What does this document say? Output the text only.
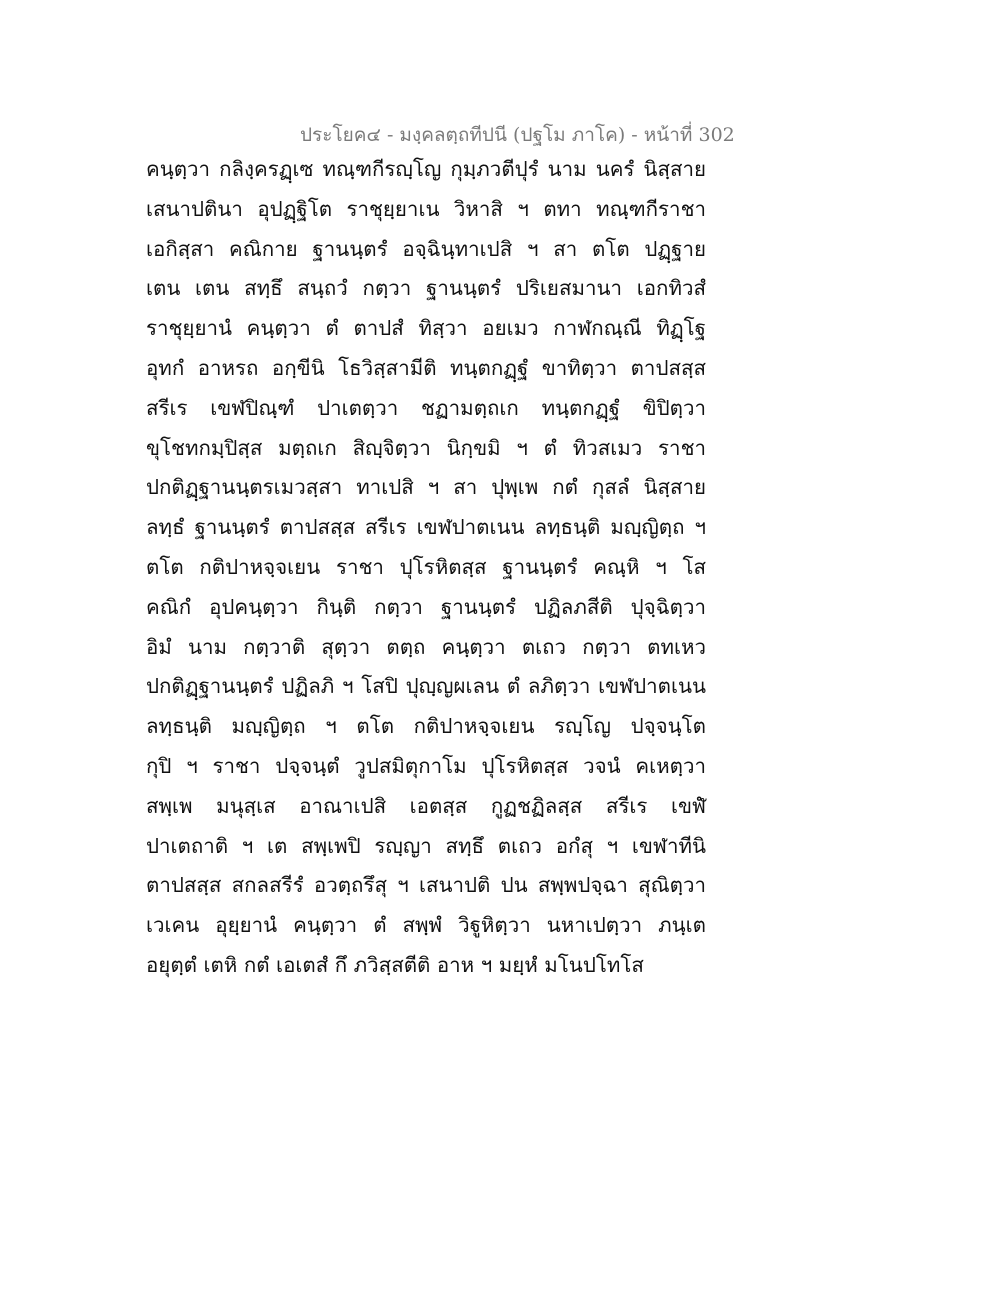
ประโยค๔ - มงฺคลตฺถทีปนี (ปฐโม ภาโค) - หน้าที่ 302
คนฺตฺวา กลิงฺครฏฺเซ ทณฺฑกีรญฺโญ กุมฺภวตีปุรํ นาม นครํ นิสฺสาย
เสนาปตินา อุปฏฺฐิโต ราชุยฺยาเน วิหาสิ ฯ ตทา ทณฺฑกีราชา
เอกิสฺสา คณิกาย ฐานนฺตรํ อจฺฉินฺทาเปสิ ฯ สา ตโต ปฏฺฐาย
เตน เตน สทฺธึ สนฺถวํ กตฺวา ฐานนฺตรํ ปริเยสมานา เอกทิวสํ
ราชุยฺยานํ คนฺตฺวา ตํ ตาปสํ ทิสฺวา อยเมว กาฬกณฺณี ทิฏฺโฐ
อุทกํ อาหรถ อกฺขีนิ โธวิสฺสามีติ ทนฺตกฏฺฐํ ขาทิตฺวา ตาปสสฺส
สรีเร เขฬปิณฺฑํ ปาเตตฺวา ชฏามตฺถเก ทนฺตกฏฺฐํ ขิปิตฺวา
ขุโชทกมฺปิสฺส มตฺถเก สิญฺจิตฺวา นิกฺขมิ ฯ ตํ ทิวสเมว ราชา
ปกติฏฺฐานนฺตรเมวสฺสา ทาเปสิ ฯ สา ปุพฺเพ กตํ กุสลํ นิสฺสาย
ลทฺธํ ฐานนฺตรํ ตาปสสฺส สรีเร เขฬปาตเนน ลทฺธนฺติ มญฺญิตฺถ ฯ
ตโต กติปาหจฺจเยน ราชา ปุโรหิตสฺส ฐานนฺตรํ คณฺหิ ฯ โส
คณิกํ อุปคนฺตฺวา กินฺติ กตฺวา ฐานนฺตรํ ปฏิลภสีติ ปุจฺฉิตฺวา
อิมํ นาม กตฺวาติ สุตฺวา ตตฺถ คนฺตฺวา ตเถว กตฺวา ตทเหว
ปกติฏฺฐานนฺตรํ ปฏิลภิ ฯ โสปิ ปุญฺญผเลน ตํ ลภิตฺวา เขฬปาตเนน
ลทฺธนฺติ มญฺญิตฺถ ฯ ตโต กติปาหจฺจเยน รญฺโญ ปจฺจนฺโต
กุปิ ฯ ราชา ปจฺจนฺตํ วูปสมิตุกาโม ปุโรหิตสฺส วจนํ คเหตฺวา
สพฺเพ มนุสฺเส อาณาเปสิ เอตสฺส กูฏชฏิลสฺส สรีเร เขฬํ
ปาเตถาติ ฯ เต สพฺเพปิ รญฺญา สทฺธึ ตเถว อกํสุ ฯ เขฬาทีนิ
ตาปสสฺส สกลสรีรํ อวตฺถรึสุ ฯ เสนาปติ ปน สพฺพปจฺฉา สุณิตฺวา
เวเคน อุยฺยานํ คนฺตฺวา ตํ สพฺพํ วิฐูหิตฺวา นหาเปตฺวา ภนฺเต
อยุตฺตํ เตหิ กตํ เอเตสํ กึ ภวิสฺสตีติ อาห ฯ มยฺหํ มโนปโทโส
